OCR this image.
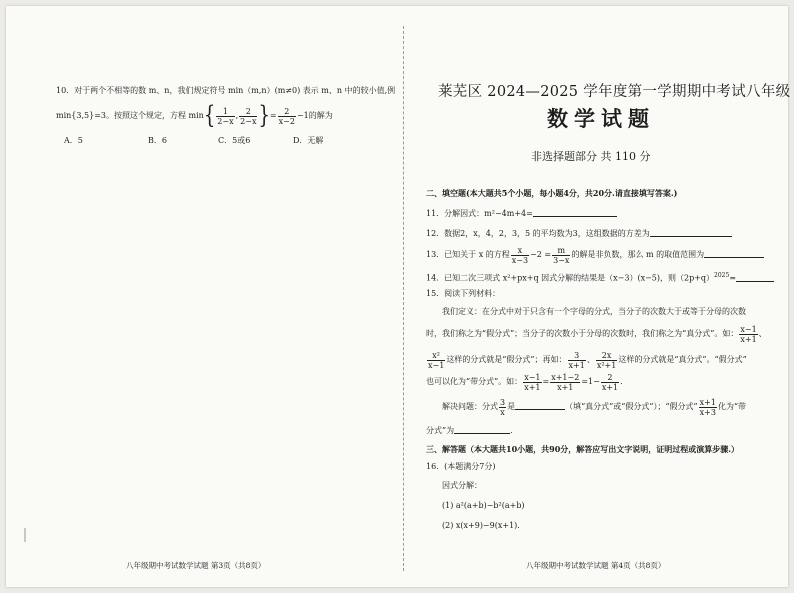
10．对于两个不相等的数 m、n，我们规定符号 min（m,n）(m≠0) 表示 m、n 中的较小值,例
min{3,5}=3。按照这个规定，方程 $\min\{ \frac{1}{2-x}$ , $\frac{2}{2-x}$ }= $\frac{2}{x-2} -1$的解为
A．5	B．6	C．5或6	D．无解
八年级期中考试数学试题 第3页（共8页）
莱芜区 2024—2025 学年度第一学期期中考试八年级
数学试题
非选择题部分 共 110 分
二、填空题(本大题共5个小题，每小题4分，共20分.请直接填写答案.)
11．分解因式：m²−4m+4=
12．数据2，x，4，2，3，5 的平均数为3，这组数据的方差为
13．已知关于 x 的方程 $\frac{x}{x-3} -2 = \frac{m}{3-x}$ 的解是非负数，那么 m 的取值范围为
14．已知二次三项式 x²+px+q 因式分解的结果是（x−3）(x−5)，则$(2p+q)^{2025}=$
15．阅读下列材料：
我们定义：在分式中对于只含有一个字母的分式，当分子的次数大于或等于分母的次数
时，我们称之为“假分式”；当分子的次数小于分母的次数时，我们称之为“真分式”。如： $\frac{x-1}{x+1}$ 、
$\frac{\text{x²}}{x-1}$ 这样的分式就是“假分式”；再如： $\frac{3}{x+1}$ 、 $\frac{2x}{\text{x²+1}}$ 这样的分式就是“真分式”。“假分式”
也可以化为“带分式”。如： $\frac{x-1}{x+1} = \frac{x+1-2}{x+1} =1- \frac{2}{x+1}$ ．
解决问题：分式 $\frac{3}{x}$ 是	（填“真分式”或“假分式”）；“假分式” $\frac{x+1}{x+3}$ 化为“带
分式”为	．
三、解答题（本大题共10小题，共90分，解答应写出文字说明，证明过程或演算步骤.）
16．(本题满分7分)
因式分解：
(1) a²(a+b)−b²(a+b)
(2) x(x+9)−9(x+1)．
八年级期中考试数学试题 第4页（共8页）
